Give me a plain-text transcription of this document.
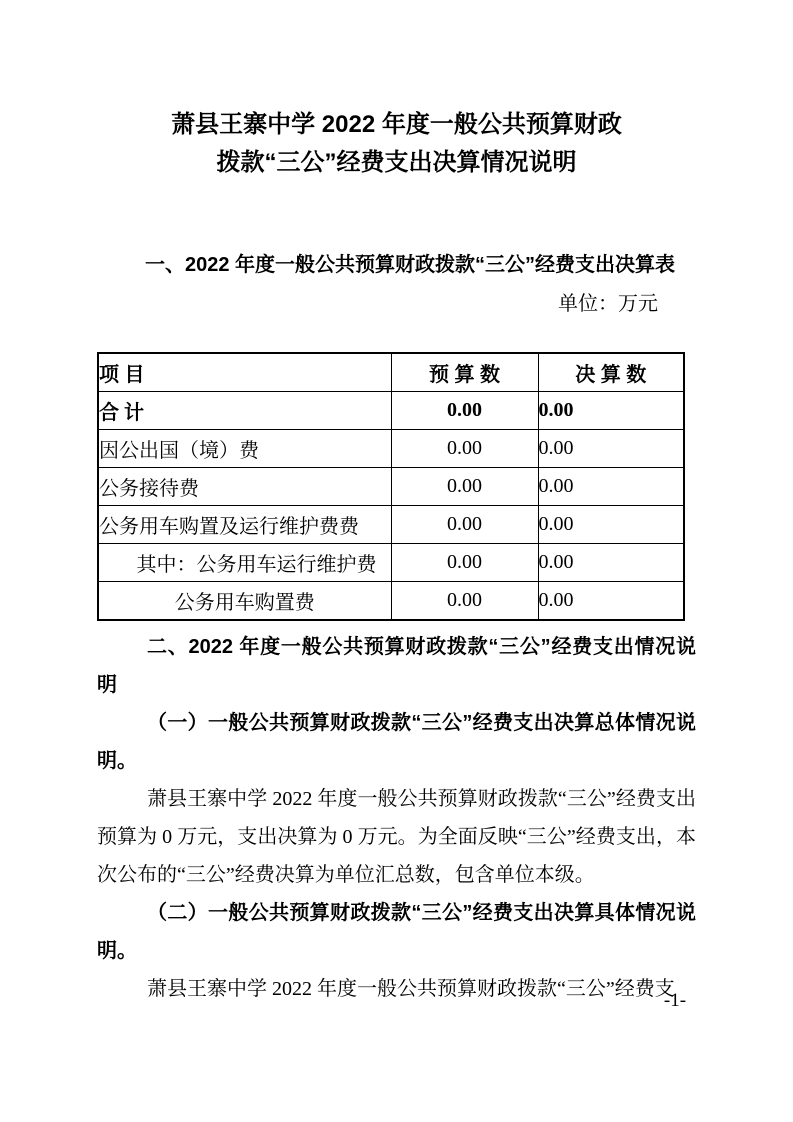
萧县王寨中学 2022 年度一般公共预算财政
拨款“三公”经费支出决算情况说明
一、2022 年度一般公共预算财政拨款“三公”经费支出决算表
单位：万元
项 目	预 算 数	决 算 数
合 计	0.00	0.00
因公出国（境）费	0.00	0.00
公务接待费	0.00	0.00
公务用车购置及运行维护费费	0.00	0.00
其中：公务用车运行维护费	0.00	0.00
公务用车购置费	0.00	0.00

二、2022 年度一般公共预算财政拨款“三公”经费支出情况说明

（一）一般公共预算财政拨款“三公”经费支出决算总体情况说明。

萧县王寨中学 2022 年度一般公共预算财政拨款“三公”经费支出预算为 0 万元，支出决算为 0 万元。为全面反映“三公”经费支出，本次公布的“三公”经费决算为单位汇总数，包含单位本级。

（二）一般公共预算财政拨款“三公”经费支出决算具体情况说明。

萧县王寨中学 2022 年度一般公共预算财政拨款“三公”经费支

-1-
